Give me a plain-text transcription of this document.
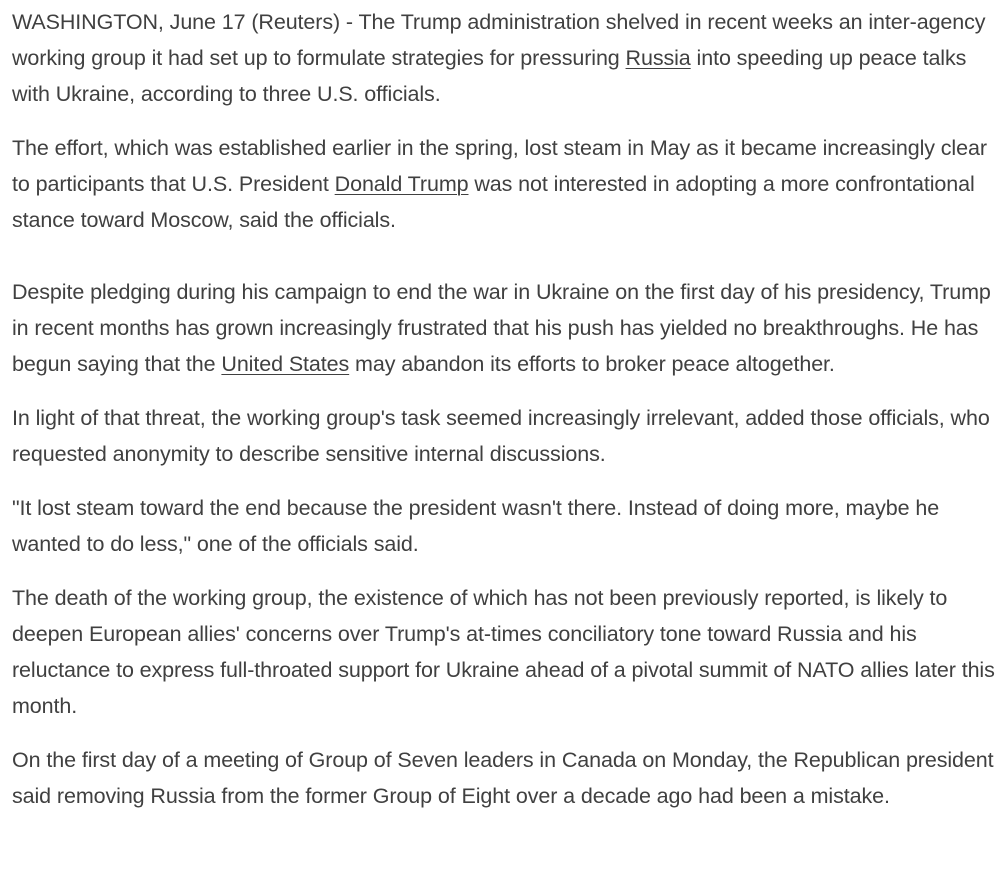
WASHINGTON, June 17 (Reuters) - The Trump administration shelved in recent weeks an inter-agency working group it had set up to formulate strategies for pressuring Russia into speeding up peace talks with Ukraine, according to three U.S. officials.

The effort, which was established earlier in the spring, lost steam in May as it became increasingly clear to participants that U.S. President Donald Trump was not interested in adopting a more confrontational stance toward Moscow, said the officials.

Despite pledging during his campaign to end the war in Ukraine on the first day of his presidency, Trump in recent months has grown increasingly frustrated that his push has yielded no breakthroughs. He has begun saying that the United States may abandon its efforts to broker peace altogether.

In light of that threat, the working group's task seemed increasingly irrelevant, added those officials, who requested anonymity to describe sensitive internal discussions.

"It lost steam toward the end because the president wasn't there. Instead of doing more, maybe he wanted to do less," one of the officials said.

The death of the working group, the existence of which has not been previously reported, is likely to deepen European allies' concerns over Trump's at-times conciliatory tone toward Russia and his reluctance to express full-throated support for Ukraine ahead of a pivotal summit of NATO allies later this month.

On the first day of a meeting of Group of Seven leaders in Canada on Monday, the Republican president said removing Russia from the former Group of Eight over a decade ago had been a mistake.
